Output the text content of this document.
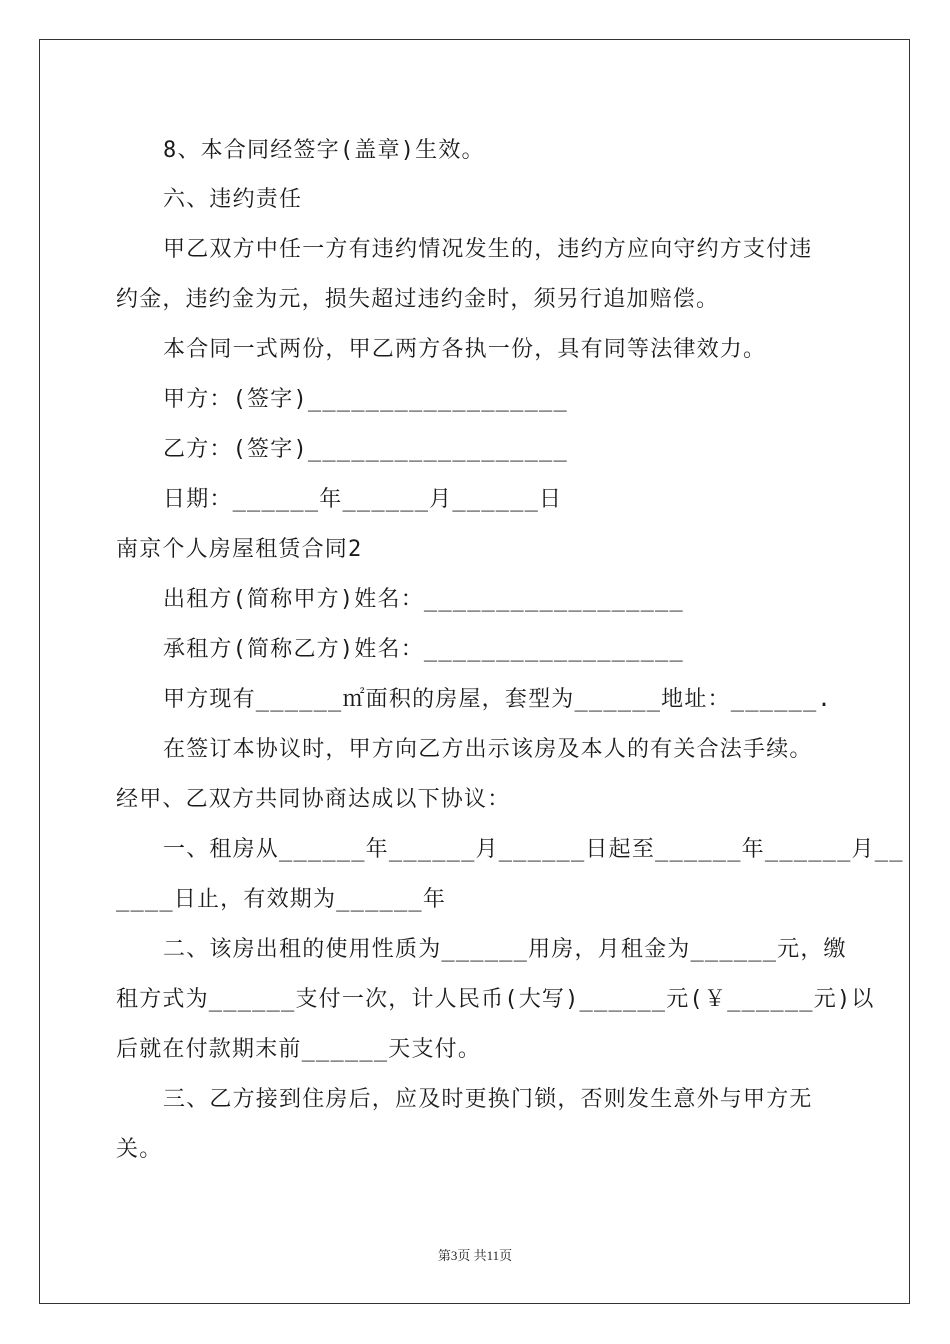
8、本合同经签字(盖章)生效。
六、违约责任
甲乙双方中任一方有违约情况发生的，违约方应向守约方支付违
约金，违约金为元，损失超过违约金时，须另行追加赔偿。
本合同一式两份，甲乙两方各执一份，具有同等法律效力。
甲方：(签字)__________________
乙方：(签字)__________________
日期：______年______月______日
南京个人房屋租赁合同2
出租方(简称甲方)姓名：__________________
承租方(简称乙方)姓名：__________________
甲方现有______㎡面积的房屋，套型为______地址：______.
在签订本协议时，甲方向乙方出示该房及本人的有关合法手续。
经甲、乙双方共同协商达成以下协议：
一、租房从______年______月______日起至______年______月__
____日止，有效期为______年
二、该房出租的使用性质为______用房，月租金为______元，缴
租方式为______支付一次，计人民币(大写)______元(￥______元)以
后就在付款期末前______天支付。
三、乙方接到住房后，应及时更换门锁，否则发生意外与甲方无
关。
第3页 共11页
